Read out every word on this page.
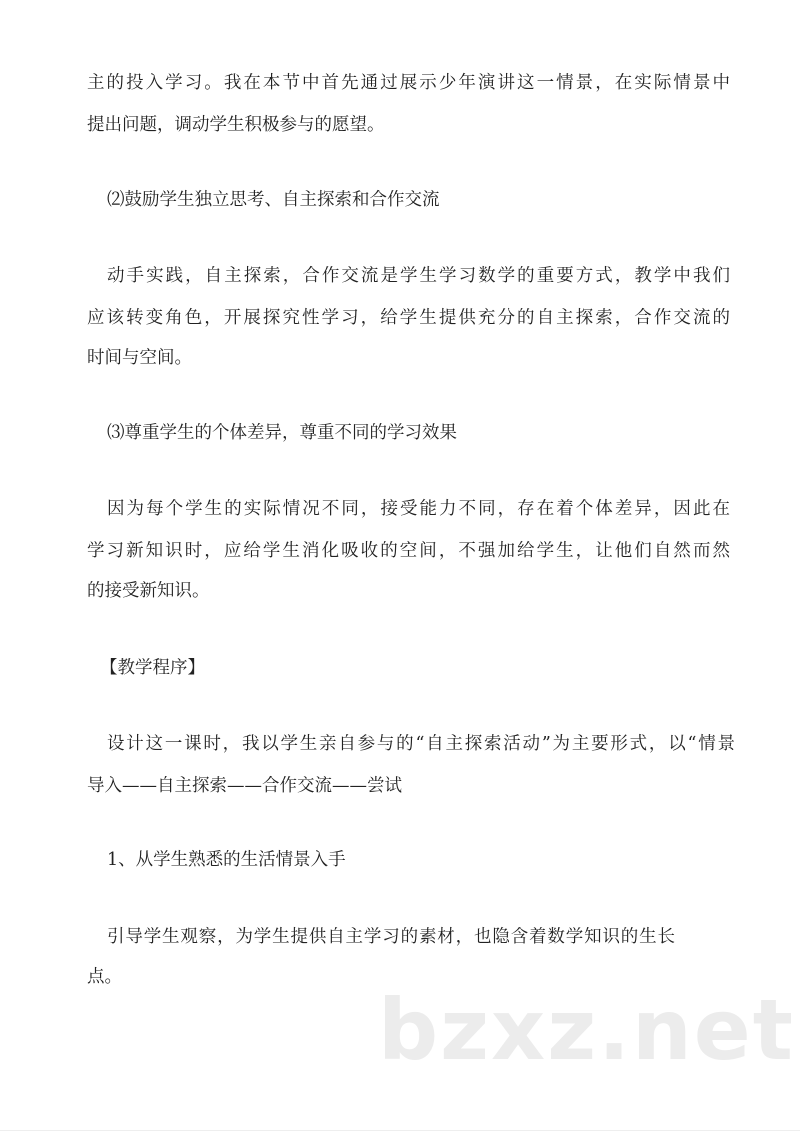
主的投入学习。我在本节中首先通过展示少年演讲这一情景，在实际情景中
提出问题，调动学生积极参与的愿望。
⑵鼓励学生独立思考、自主探索和合作交流
动手实践，自主探索，合作交流是学生学习数学的重要方式，教学中我们
应该转变角色，开展探究性学习，给学生提供充分的自主探索，合作交流的
时间与空间。
⑶尊重学生的个体差异，尊重不同的学习效果
因为每个学生的实际情况不同，接受能力不同，存在着个体差异，因此在
学习新知识时，应给学生消化吸收的空间，不强加给学生，让他们自然而然
的接受新知识。
【教学程序】
设计这一课时，我以学生亲自参与的“自主探索活动”为主要形式，以“情景
导入——自主探索——合作交流——尝试
1、从学生熟悉的生活情景入手
引导学生观察，为学生提供自主学习的素材，也隐含着数学知识的生长
点。
bzxz.net
